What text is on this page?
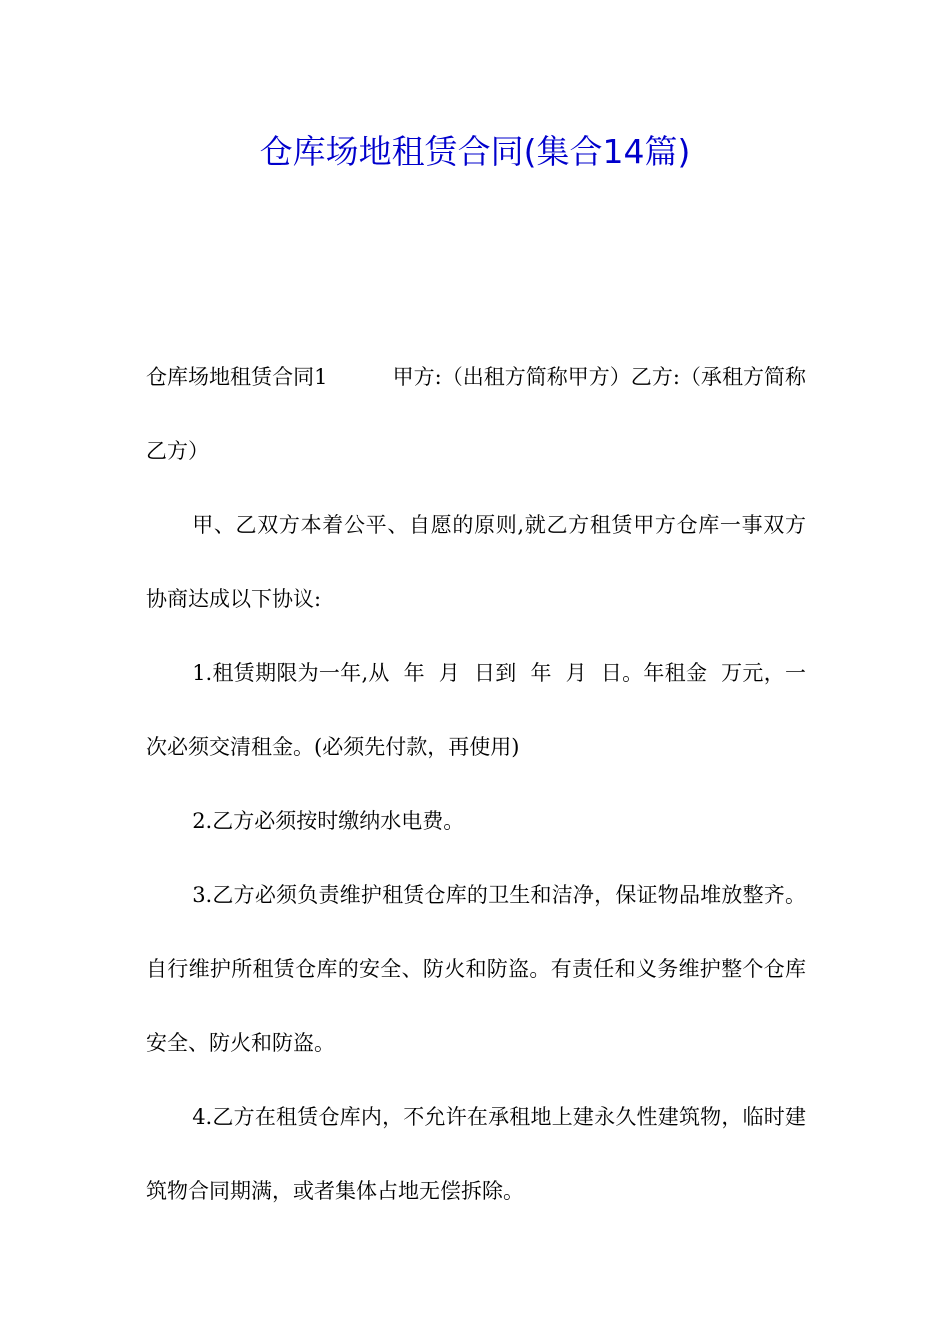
仓库场地租赁合同(集合14篇)

仓库场地租赁合同1	甲方:（出租方简称甲方）乙方:（承租方简称乙方）

甲、乙双方本着公平、自愿的原则,就乙方租赁甲方仓库一事双方协商达成以下协议:

1.租赁期限为一年,从  年  月  日到  年  月  日。年租金  万元，一次必须交清租金。(必须先付款，再使用)

2.乙方必须按时缴纳水电费。

3.乙方必须负责维护租赁仓库的卫生和洁净，保证物品堆放整齐。自行维护所租赁仓库的安全、防火和防盗。有责任和义务维护整个仓库安全、防火和防盗。

4.乙方在租赁仓库内，不允许在承租地上建永久性建筑物，临时建筑物合同期满，或者集体占地无偿拆除。
